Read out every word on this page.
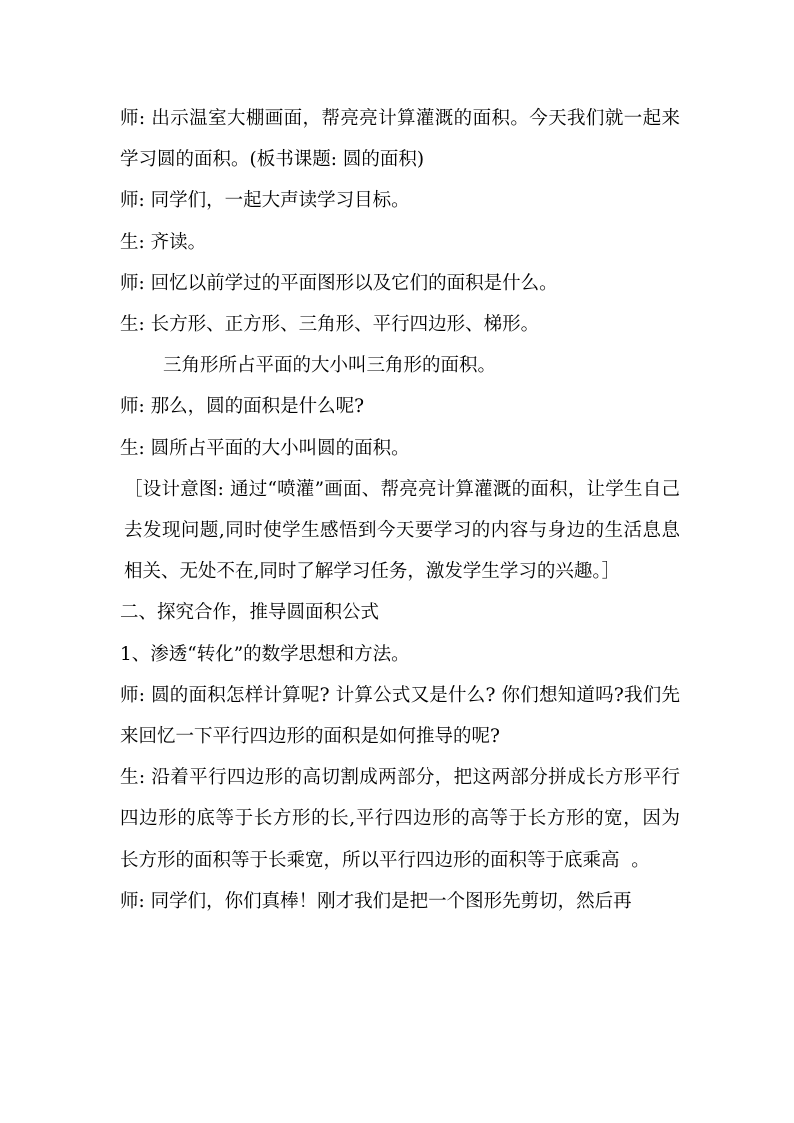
师: 出示温室大棚画面，帮亮亮计算灌溉的面积。今天我们就一起来学习圆的面积。(板书课题: 圆的面积)

师: 同学们，一起大声读学习目标。

生: 齐读。

师: 回忆以前学过的平面图形以及它们的面积是什么。

生: 长方形、正方形、三角形、平行四边形、梯形。

三角形所占平面的大小叫三角形的面积。

师: 那么，圆的面积是什么呢?

生: 圆所占平面的大小叫圆的面积。

［设计意图: 通过“喷灌”画面、帮亮亮计算灌溉的面积，让学生自己去发现问题,同时使学生感悟到今天要学习的内容与身边的生活息息相关、无处不在,同时了解学习任务，激发学生学习的兴趣。］

二、探究合作，推导圆面积公式

1、渗透“转化”的数学思想和方法。

师: 圆的面积怎样计算呢? 计算公式又是什么? 你们想知道吗?我们先来回忆一下平行四边形的面积是如何推导的呢?

生: 沿着平行四边形的高切割成两部分，把这两部分拼成长方形平行四边形的底等于长方形的长,平行四边形的高等于长方形的宽，因为长方形的面积等于长乘宽，所以平行四边形的面积等于底乘高  。

师: 同学们，你们真棒！刚才我们是把一个图形先剪切，然后再
